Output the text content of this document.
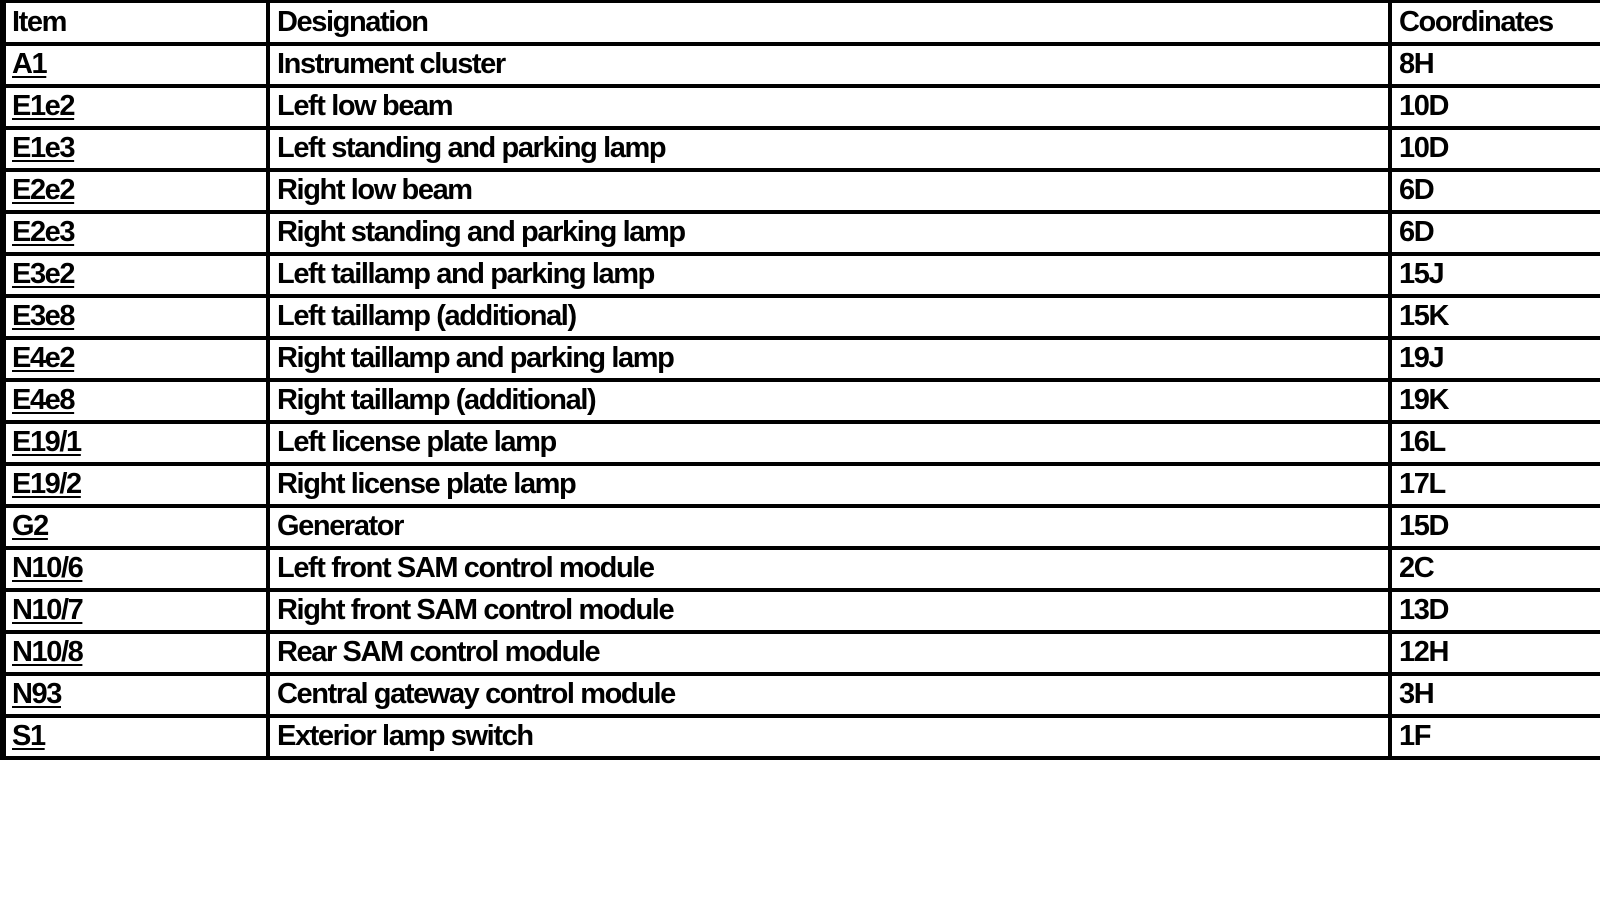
Item	Designation	Coordinates
A1	Instrument cluster	8H
E1e2	Left low beam	10D
E1e3	Left standing and parking lamp	10D
E2e2	Right low beam	6D
E2e3	Right standing and parking lamp	6D
E3e2	Left taillamp and parking lamp	15J
E3e8	Left taillamp (additional)	15K
E4e2	Right taillamp and parking lamp	19J
E4e8	Right taillamp (additional)	19K
E19/1	Left license plate lamp	16L
E19/2	Right license plate lamp	17L
G2	Generator	15D
N10/6	Left front SAM control module	2C
N10/7	Right front SAM control module	13D
N10/8	Rear SAM control module	12H
N93	Central gateway control module	3H
S1	Exterior lamp switch	1F
